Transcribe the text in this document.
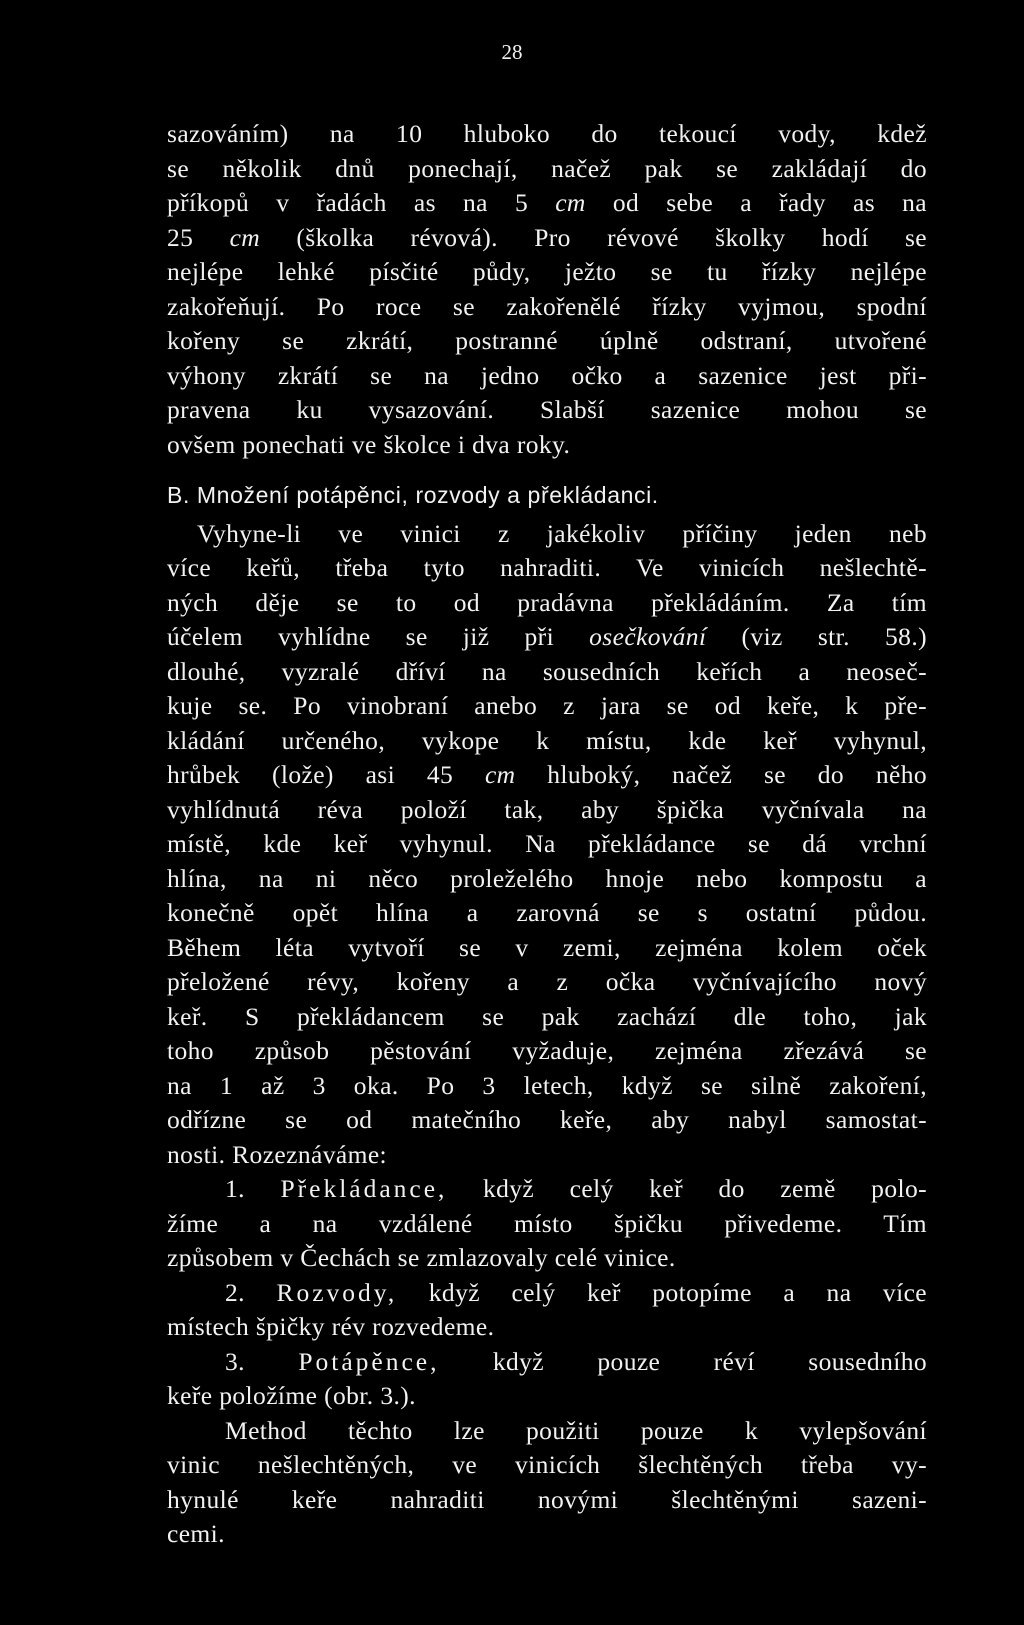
28
sazováním) na 10 hluboko do tekoucí vody, kdež
se několik dnů ponechají, načež pak se zakládají do
příkopů v řadách as na 5 cm od sebe a řady as na
25 cm (školka révová). Pro révové školky hodí se
nejlépe lehké písčité půdy, ježto se tu řízky nejlépe
zakořeňují. Po roce se zakořenělé řízky vyjmou, spodní
kořeny se zkrátí, postranné úplně odstraní, utvořené
výhony zkrátí se na jedno očko a sazenice jest při-
pravena ku vysazování. Slabší sazenice mohou se
ovšem ponechati ve školce i dva roky.
B. Množení potápěnci, rozvody a překládanci.
Vyhyne-li ve vinici z jakékoliv příčiny jeden neb
více keřů, třeba tyto nahraditi. Ve vinicích nešlechtě-
ných děje se to od pradávna překládáním. Za tím
účelem vyhlídne se již při osečkování (viz str. 58.)
dlouhé, vyzralé dříví na sousedních keřích a neoseč-
kuje se. Po vinobraní anebo z jara se od keře, k pře-
kládání určeného, vykope k místu, kde keř vyhynul,
hrůbek (lože) asi 45 cm hluboký, načež se do něho
vyhlídnutá réva položí tak, aby špička vyčnívala na
místě, kde keř vyhynul. Na překládance se dá vrchní
hlína, na ni něco proleželého hnoje nebo kompostu a
konečně opět hlína a zarovná se s ostatní půdou.
Během léta vytvoří se v zemi, zejména kolem oček
přeložené révy, kořeny a z očka vyčnívajícího nový
keř. S překládancem se pak zachází dle toho, jak
toho způsob pěstování vyžaduje, zejména zřezává se
na 1 až 3 oka. Po 3 letech, když se silně zakoření,
odřízne se od matečního keře, aby nabyl samostat-
nosti. Rozeznáváme:
1. Překládance, když celý keř do země polo-
žíme a na vzdálené místo špičku přivedeme. Tím
způsobem v Čechách se zmlazovaly celé vinice.
2. Rozvody, když celý keř potopíme a na více
místech špičky rév rozvedeme.
3. Potápěnce, když pouze réví sousedního
keře položíme (obr. 3.).
Method těchto lze použiti pouze k vylepšování
vinic nešlechtěných, ve vinicích šlechtěných třeba vy-
hynulé keře nahraditi novými šlechtěnými sazeni-
cemi.
